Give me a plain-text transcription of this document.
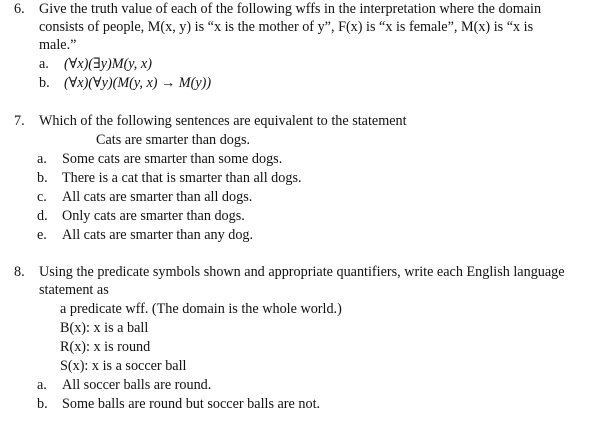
6. Give the truth value of each of the following wffs in the interpretation where the domain
consists of people, M(x, y) is “x is the mother of y”, F(x) is “x is female”, M(x) is “x is
male.”
a. (∀x)(∃y)M(y, x)
b. (∀x)(∀y)(M(y, x) → M(y))
7. Which of the following sentences are equivalent to the statement
Cats are smarter than dogs.
a. Some cats are smarter than some dogs.
b. There is a cat that is smarter than all dogs.
c. All cats are smarter than all dogs.
d. Only cats are smarter than dogs.
e. All cats are smarter than any dog.
8. Using the predicate symbols shown and appropriate quantifiers, write each English language
statement as
a predicate wff. (The domain is the whole world.)
B(x): x is a ball
R(x): x is round
S(x): x is a soccer ball
a. All soccer balls are round.
b. Some balls are round but soccer balls are not.
